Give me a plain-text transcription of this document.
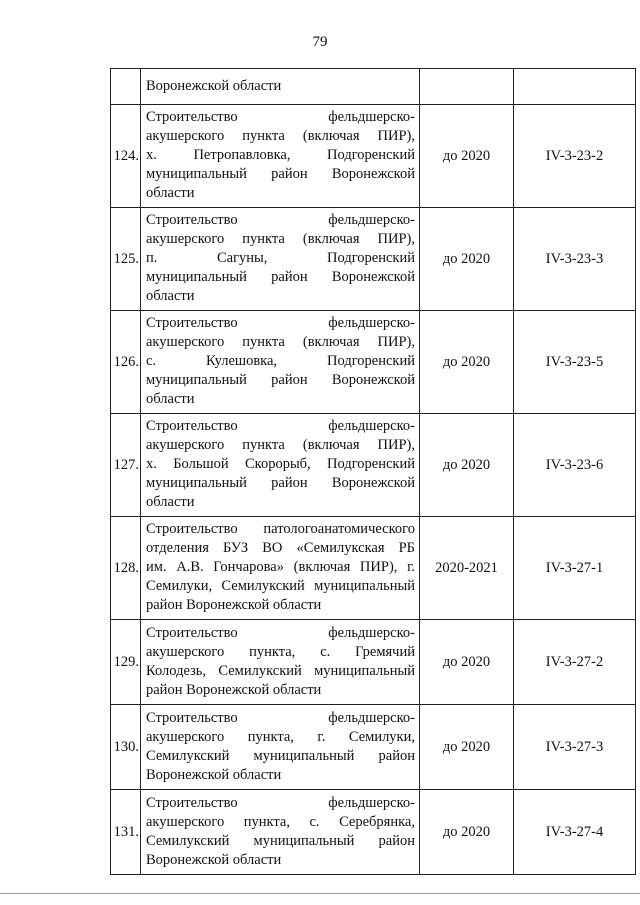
79

	Воронежской области		

124.	Строительство фельдшерско-
акушерского пункта (включая ПИР),
х. Петропавловка, Подгоренский
муниципальный район Воронежской
области	до 2020	IV-3-23-2
125.	Строительство фельдшерско-
акушерского пункта (включая ПИР),
п. Сагуны, Подгоренский
муниципальный район Воронежской
области	до 2020	IV-3-23-3
126.	Строительство фельдшерско-
акушерского пункта (включая ПИР),
с. Кулешовка, Подгоренский
муниципальный район Воронежской
области	до 2020	IV-3-23-5
127.	Строительство фельдшерско-
акушерского пункта (включая ПИР),
х. Большой Скорорыб, Подгоренский
муниципальный район Воронежской
области	до 2020	IV-3-23-6
128.	Строительство патологоанатомического
отделения БУЗ ВО «Семилукская РБ
им. А.В. Гончарова» (включая ПИР), г.
Семилуки, Семилукский муниципальный
район Воронежской области	2020-2021	IV-3-27-1
129.	Строительство фельдшерско-
акушерского пункта, с. Гремячий
Колодезь, Семилукский муниципальный
район Воронежской области	до 2020	IV-3-27-2
130.	Строительство фельдшерско-
акушерского пункта, г. Семилуки,
Семилукский муниципальный район
Воронежской области	до 2020	IV-3-27-3
131.	Строительство фельдшерско-
акушерского пункта, с. Серебрянка,
Семилукский муниципальный район
Воронежской области	до 2020	IV-3-27-4
